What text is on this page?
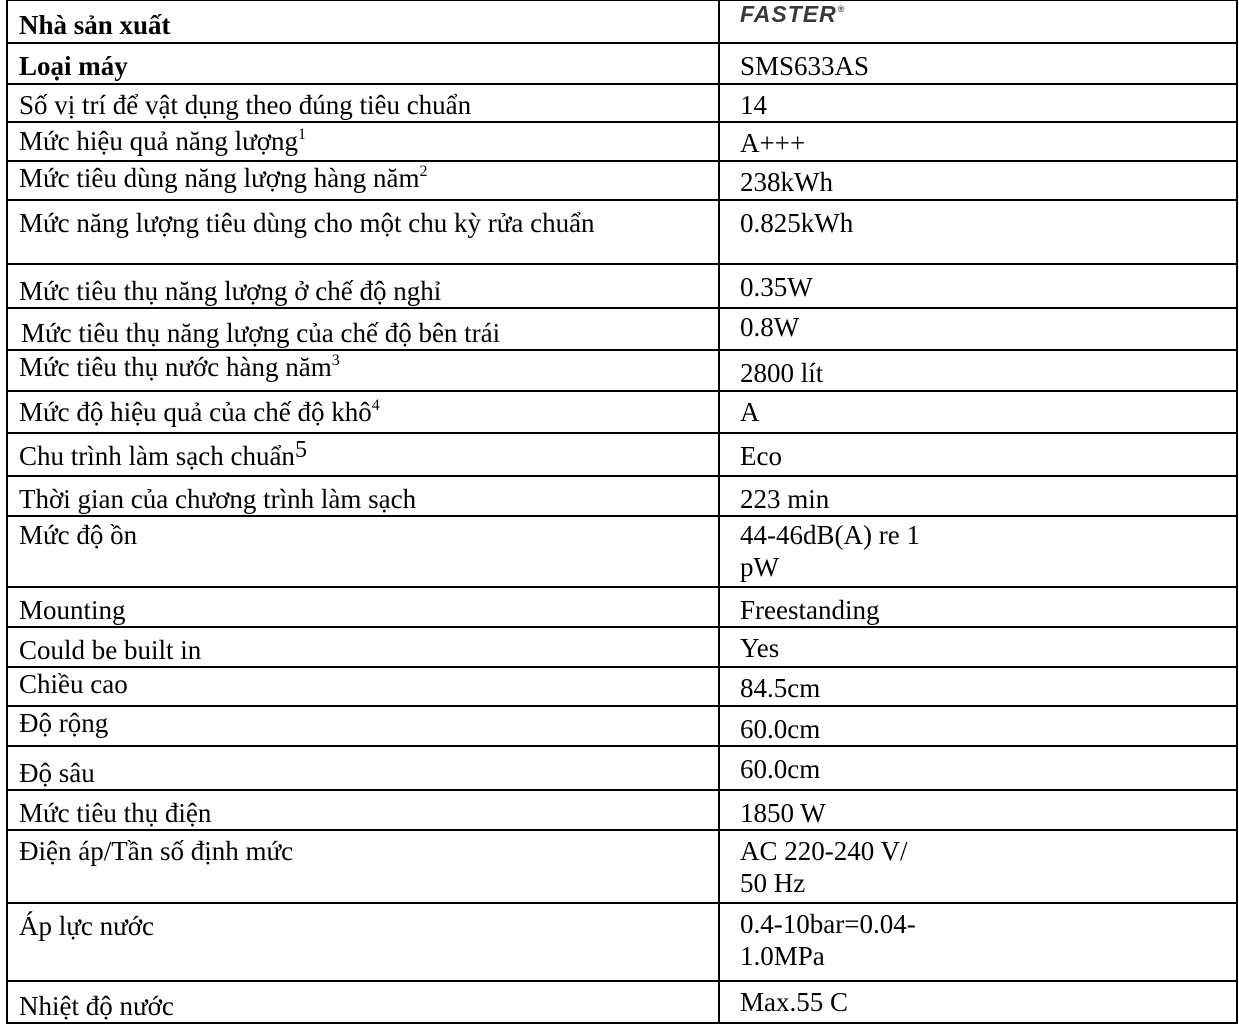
Nhà sản xuất	FASTER®
Loại máy	SMS633AS
Số vị trí để vật dụng theo đúng tiêu chuẩn	14
Mức hiệu quả năng lượng$^1$	A+++
Mức tiêu dùng năng lượng hàng năm$^2$	238kWh
Mức năng lượng tiêu dùng cho một chu kỳ rửa chuẩn	0.825kWh
Mức tiêu thụ năng lượng ở chế độ nghỉ	0.35W
Mức tiêu thụ năng lượng của chế độ bên trái	0.8W
Mức tiêu thụ nước hàng năm$^3$	2800 lít
Mức độ hiệu quả của chế độ khô$^4$	A
Chu trình làm sạch chuẩn$^5$	Eco
Thời gian của chương trình làm sạch	223 min
Mức độ ồn	44-46dB(A) re 1
pW
Mounting	Freestanding
Could be built in	Yes
Chiều cao	84.5cm
Độ rộng	60.0cm
Độ sâu	60.0cm
Mức tiêu thụ điện	1850 W
Điện áp/Tần số định mức	AC 220-240 V/
50 Hz
Áp lực nước	0.4-10bar=0.04-
1.0MPa
Nhiệt độ nước	Max.55 C
